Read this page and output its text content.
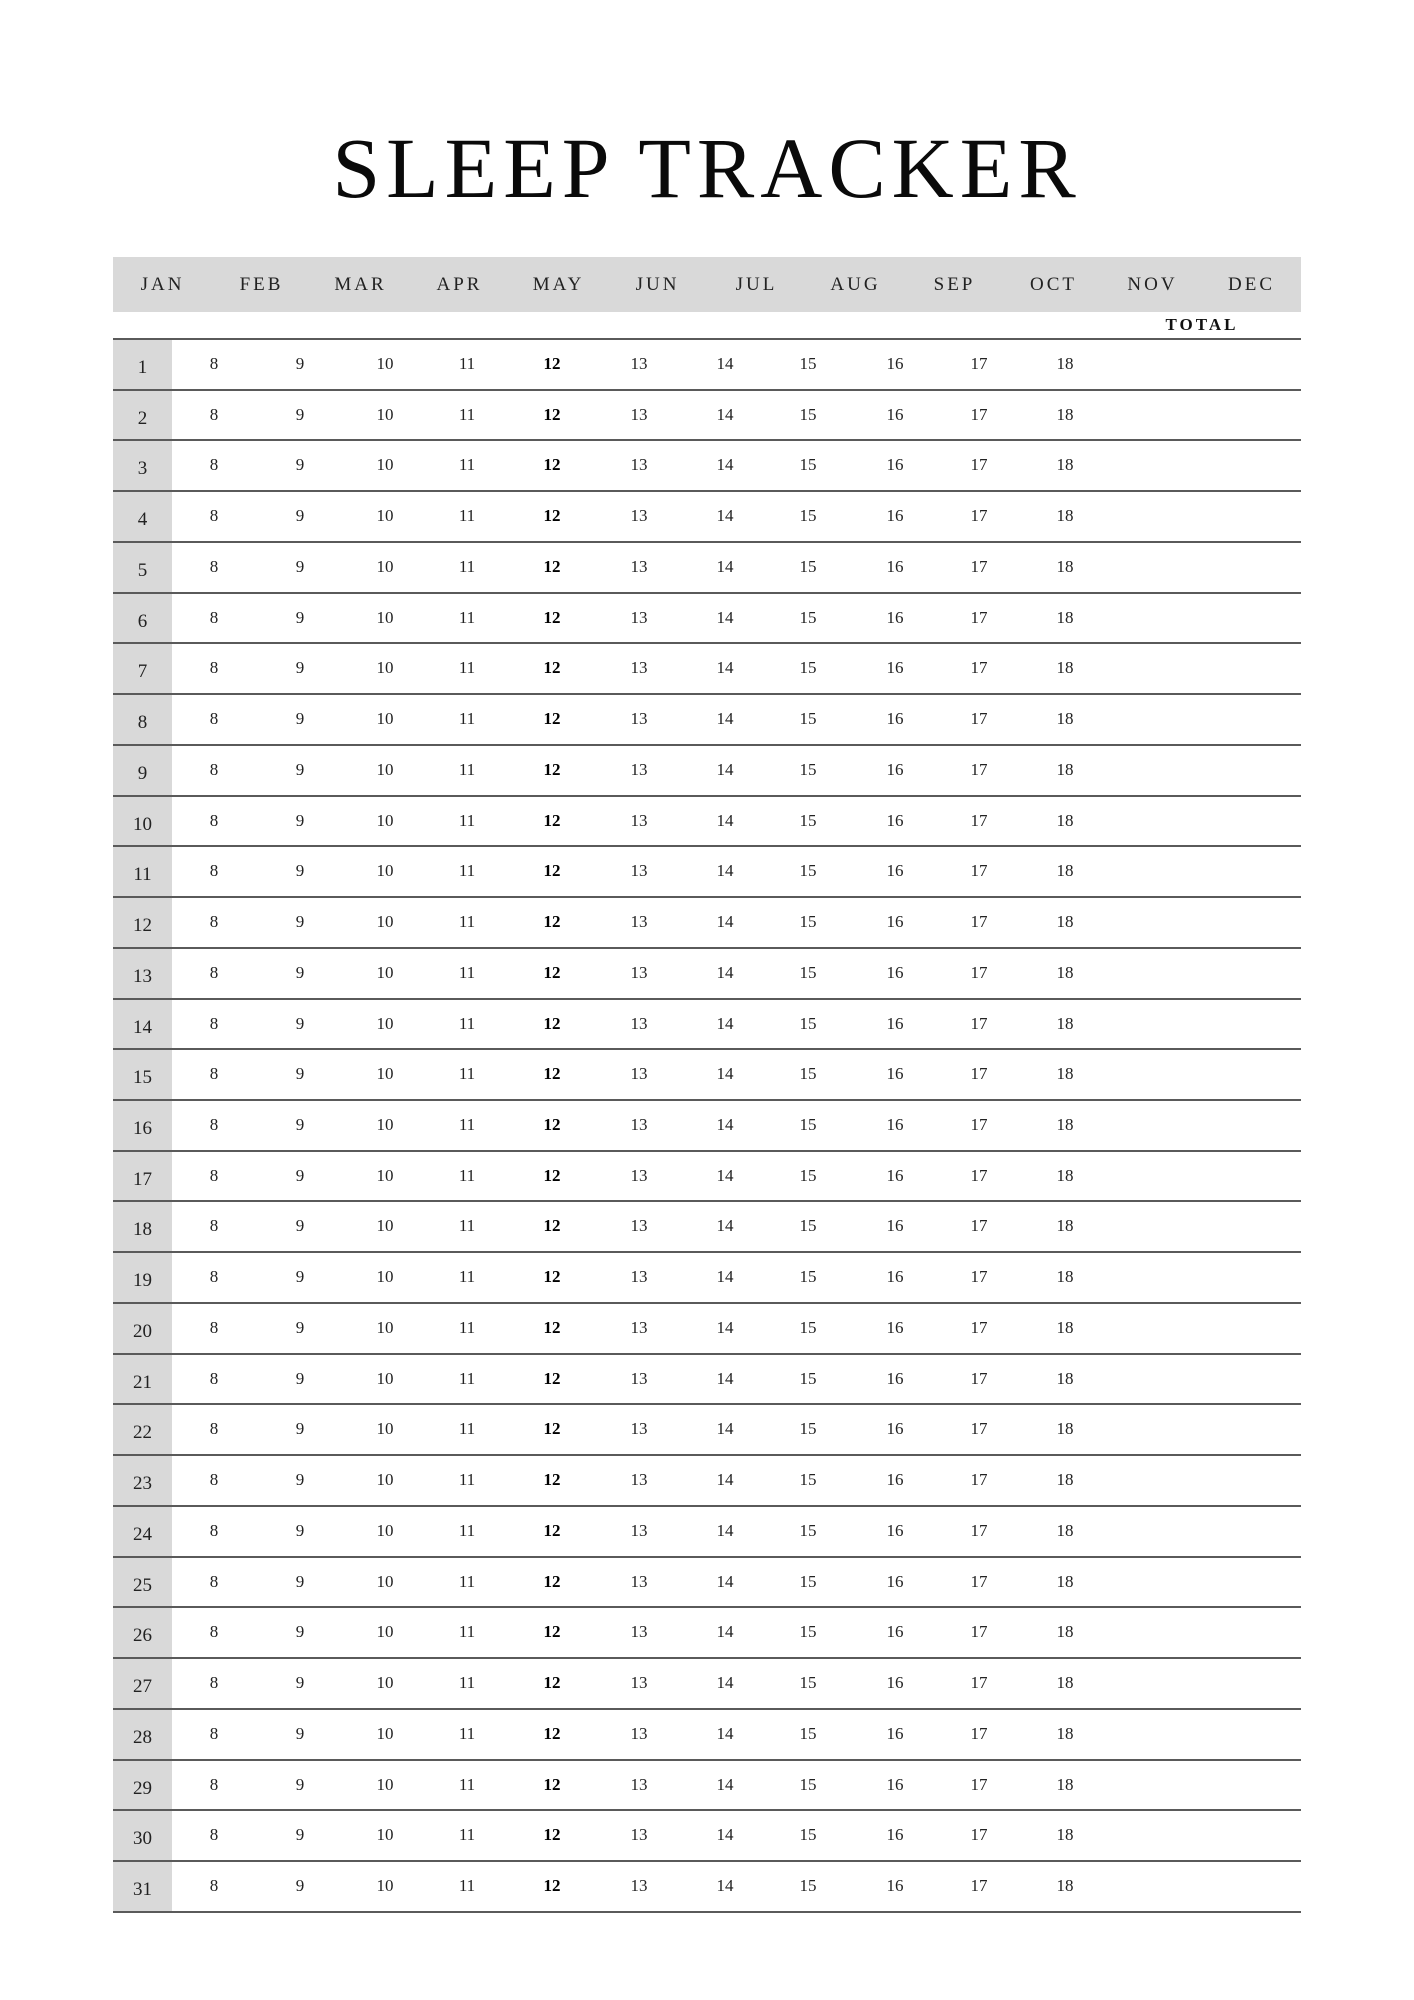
SLEEP TRACKER
JAN	FEB	MAR	APR	MAY	JUN	JUL	AUG	SEP	OCT	NOV	DEC
TOTAL
1	8	9	10	11	12	13	14	15	16	17	18
2	8	9	10	11	12	13	14	15	16	17	18
3	8	9	10	11	12	13	14	15	16	17	18
4	8	9	10	11	12	13	14	15	16	17	18
5	8	9	10	11	12	13	14	15	16	17	18
6	8	9	10	11	12	13	14	15	16	17	18
7	8	9	10	11	12	13	14	15	16	17	18
8	8	9	10	11	12	13	14	15	16	17	18
9	8	9	10	11	12	13	14	15	16	17	18
10	8	9	10	11	12	13	14	15	16	17	18
11	8	9	10	11	12	13	14	15	16	17	18
12	8	9	10	11	12	13	14	15	16	17	18
13	8	9	10	11	12	13	14	15	16	17	18
14	8	9	10	11	12	13	14	15	16	17	18
15	8	9	10	11	12	13	14	15	16	17	18
16	8	9	10	11	12	13	14	15	16	17	18
17	8	9	10	11	12	13	14	15	16	17	18
18	8	9	10	11	12	13	14	15	16	17	18
19	8	9	10	11	12	13	14	15	16	17	18
20	8	9	10	11	12	13	14	15	16	17	18
21	8	9	10	11	12	13	14	15	16	17	18
22	8	9	10	11	12	13	14	15	16	17	18
23	8	9	10	11	12	13	14	15	16	17	18
24	8	9	10	11	12	13	14	15	16	17	18
25	8	9	10	11	12	13	14	15	16	17	18
26	8	9	10	11	12	13	14	15	16	17	18
27	8	9	10	11	12	13	14	15	16	17	18
28	8	9	10	11	12	13	14	15	16	17	18
29	8	9	10	11	12	13	14	15	16	17	18
30	8	9	10	11	12	13	14	15	16	17	18
31	8	9	10	11	12	13	14	15	16	17	18
